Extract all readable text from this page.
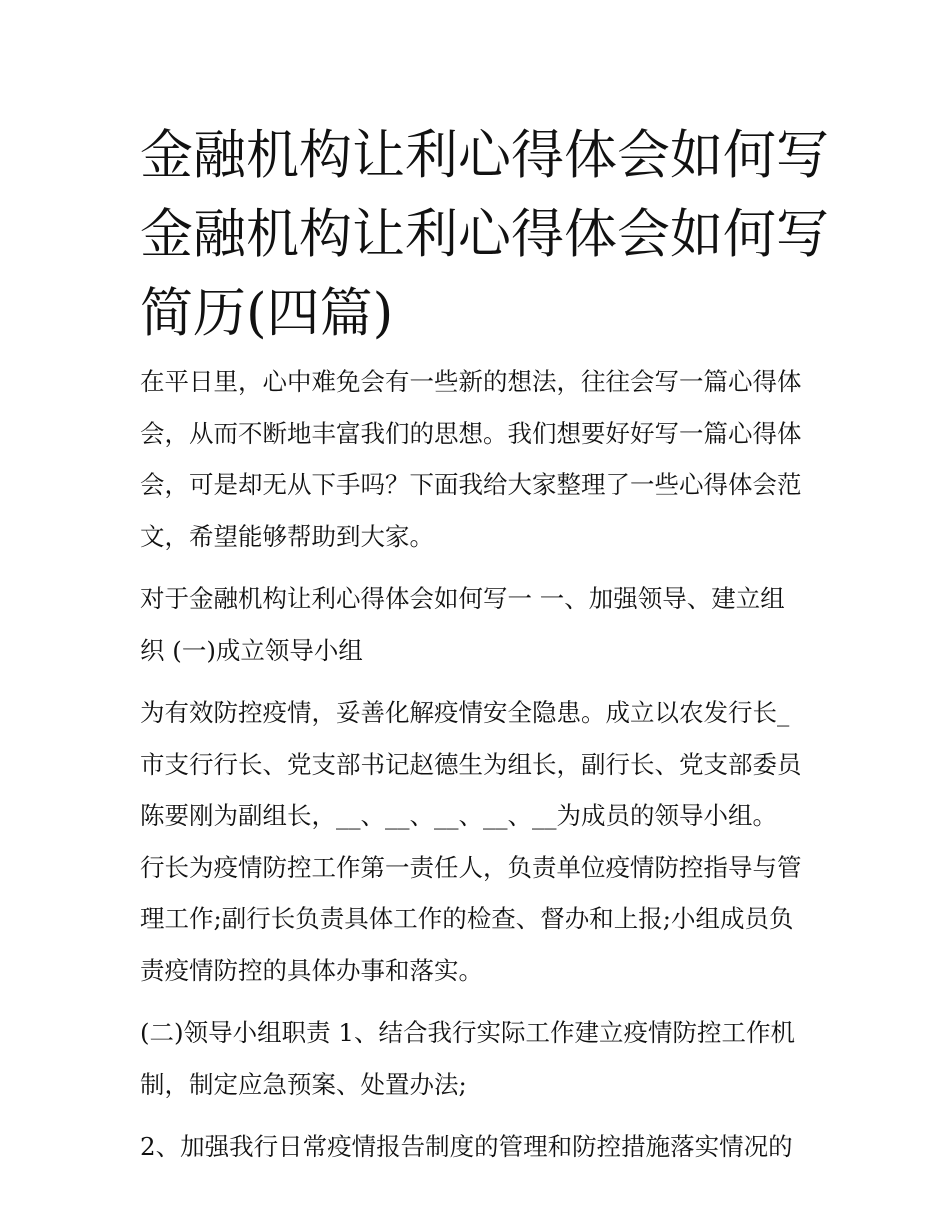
金融机构让利心得体会如何写
金融机构让利心得体会如何写
简历(四篇)

在平日里，心中难免会有一些新的想法，往往会写一篇心得体
会，从而不断地丰富我们的思想。我们想要好好写一篇心得体
会，可是却无从下手吗？下面我给大家整理了一些心得体会范
文，希望能够帮助到大家。

对于金融机构让利心得体会如何写一 一、加强领导、建立组
织 (一)成立领导小组

为有效防控疫情，妥善化解疫情安全隐患。成立以农发行长_
市支行行长、党支部书记赵德生为组长，副行长、党支部委员
陈要刚为副组长，__、__、__、__、__为成员的领导小组。
行长为疫情防控工作第一责任人，负责单位疫情防控指导与管
理工作;副行长负责具体工作的检查、督办和上报;小组成员负
责疫情防控的具体办事和落实。

(二)领导小组职责 1、结合我行实际工作建立疫情防控工作机
制，制定应急预案、处置办法;

2、加强我行日常疫情报告制度的管理和防控措施落实情况的
